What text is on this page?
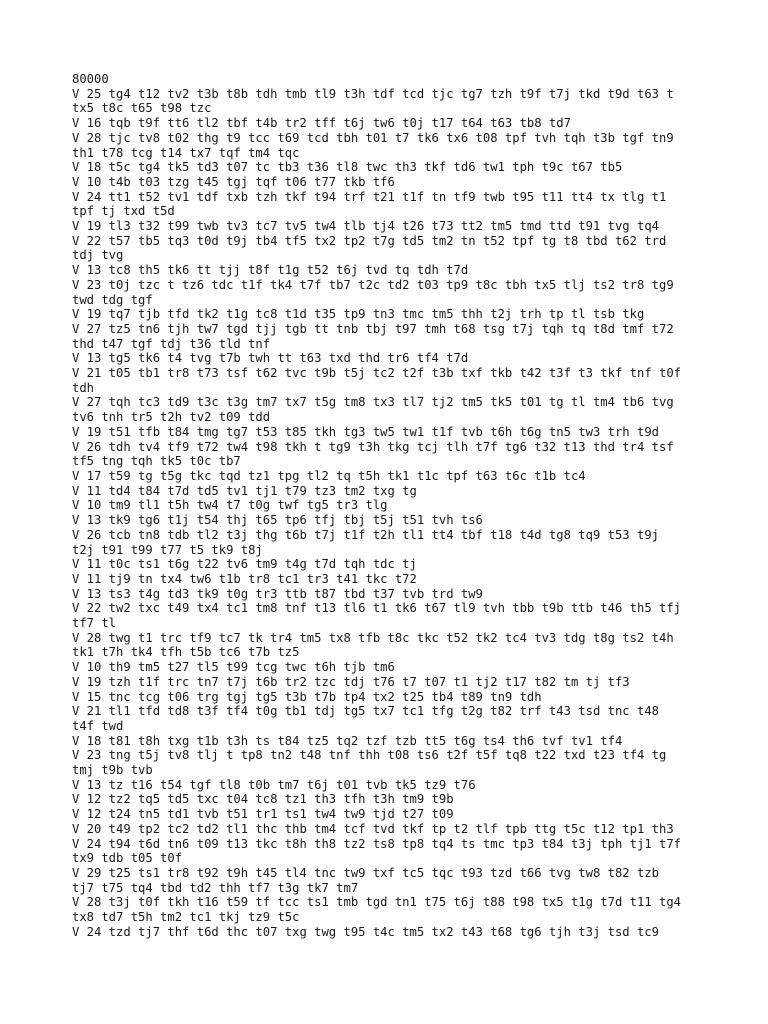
80000
V 25 tg4 t12 tv2 t3b t8b tdh tmb tl9 t3h tdf tcd tjc tg7 tzh t9f t7j tkd t9d t63 t
tx5 t8c t65 t98 tzc
V 16 tqb t9f tt6 tl2 tbf t4b tr2 tff t6j tw6 t0j t17 t64 t63 tb8 td7
V 28 tjc tv8 t02 thg t9 tcc t69 tcd tbh t01 t7 tk6 tx6 t08 tpf tvh tqh t3b tgf tn9
th1 t78 tcg t14 tx7 tqf tm4 tqc
V 18 t5c tg4 tk5 td3 t07 tc tb3 t36 tl8 twc th3 tkf td6 tw1 tph t9c t67 tb5
V 10 t4b t03 tzg t45 tgj tqf t06 t77 tkb tf6
V 24 tt1 t52 tv1 tdf txb tzh tkf t94 trf t21 t1f tn tf9 twb t95 t11 tt4 tx tlg t1
tpf tj txd t5d
V 19 tl3 t32 t99 twb tv3 tc7 tv5 tw4 tlb tj4 t26 t73 tt2 tm5 tmd ttd t91 tvg tq4
V 22 t57 tb5 tq3 t0d t9j tb4 tf5 tx2 tp2 t7g td5 tm2 tn t52 tpf tg t8 tbd t62 trd
tdj tvg
V 13 tc8 th5 tk6 tt tjj t8f t1g t52 t6j tvd tq tdh t7d
V 23 t0j tzc t tz6 tdc t1f tk4 t7f tb7 t2c td2 t03 tp9 t8c tbh tx5 tlj ts2 tr8 tg9
twd tdg tgf
V 19 tq7 tjb tfd tk2 t1g tc8 t1d t35 tp9 tn3 tmc tm5 thh t2j trh tp tl tsb tkg
V 27 tz5 tn6 tjh tw7 tgd tjj tgb tt tnb tbj t97 tmh t68 tsg t7j tqh tq t8d tmf t72
thd t47 tgf tdj t36 tld tnf
V 13 tg5 tk6 t4 tvg t7b twh tt t63 txd thd tr6 tf4 t7d
V 21 t05 tb1 tr8 t73 tsf t62 tvc t9b t5j tc2 t2f t3b txf tkb t42 t3f t3 tkf tnf t0f
tdh
V 27 tqh tc3 td9 t3c t3g tm7 tx7 t5g tm8 tx3 tl7 tj2 tm5 tk5 t01 tg tl tm4 tb6 tvg
tv6 tnh tr5 t2h tv2 t09 tdd
V 19 t51 tfb t84 tmg tg7 t53 t85 tkh tg3 tw5 tw1 t1f tvb t6h t6g tn5 tw3 trh t9d
V 26 tdh tv4 tf9 t72 tw4 t98 tkh t tg9 t3h tkg tcj tlh t7f tg6 t32 t13 thd tr4 tsf
tf5 tng tqh tk5 t0c tb7
V 17 t59 tg t5g tkc tqd tz1 tpg tl2 tq t5h tk1 t1c tpf t63 t6c t1b tc4
V 11 td4 t84 t7d td5 tv1 tj1 t79 tz3 tm2 txg tg
V 10 tm9 tl1 t5h tw4 t7 t0g twf tg5 tr3 tlg
V 13 tk9 tg6 t1j t54 thj t65 tp6 tfj tbj t5j t51 tvh ts6
V 26 tcb tn8 tdb tl2 t3j thg t6b t7j t1f t2h tl1 tt4 tbf t18 t4d tg8 tq9 t53 t9j
t2j t91 t99 t77 t5 tk9 t8j
V 11 t0c ts1 t6g t22 tv6 tm9 t4g t7d tqh tdc tj
V 11 tj9 tn tx4 tw6 t1b tr8 tc1 tr3 t41 tkc t72
V 13 ts3 t4g td3 tk9 t0g tr3 ttb t87 tbd t37 tvb trd tw9
V 22 tw2 txc t49 tx4 tc1 tm8 tnf t13 tl6 t1 tk6 t67 tl9 tvh tbb t9b ttb t46 th5 tfj
tf7 tl
V 28 twg t1 trc tf9 tc7 tk tr4 tm5 tx8 tfb t8c tkc t52 tk2 tc4 tv3 tdg t8g ts2 t4h
tk1 t7h tk4 tfh t5b tc6 t7b tz5
V 10 th9 tm5 t27 tl5 t99 tcg twc t6h tjb tm6
V 19 tzh t1f trc tn7 t7j t6b tr2 tzc tdj t76 t7 t07 t1 tj2 t17 t82 tm tj tf3
V 15 tnc tcg t06 trg tgj tg5 t3b t7b tp4 tx2 t25 tb4 t89 tn9 tdh
V 21 tl1 tfd td8 t3f tf4 t0g tb1 tdj tg5 tx7 tc1 tfg t2g t82 trf t43 tsd tnc t48
t4f twd
V 18 t81 t8h txg t1b t3h ts t84 tz5 tq2 tzf tzb tt5 t6g ts4 th6 tvf tv1 tf4
V 23 tng t5j tv8 tlj t tp8 tn2 t48 tnf thh t08 ts6 t2f t5f tq8 t22 txd t23 tf4 tg
tmj t9b tvb
V 13 tz t16 t54 tgf tl8 t0b tm7 t6j t01 tvb tk5 tz9 t76
V 12 tz2 tq5 td5 txc t04 tc8 tz1 th3 tfh t3h tm9 t9b
V 12 t24 tn5 td1 tvb t51 tr1 ts1 tw4 tw9 tjd t27 t09
V 20 t49 tp2 tc2 td2 tl1 thc thb tm4 tcf tvd tkf tp t2 tlf tpb ttg t5c t12 tp1 th3
V 24 t94 t6d tn6 t09 t13 tkc t8h th8 tz2 ts8 tp8 tq4 ts tmc tp3 t84 t3j tph tj1 t7f
tx9 tdb t05 t0f
V 29 t25 ts1 tr8 t92 t9h t45 tl4 tnc tw9 txf tc5 tqc t93 tzd t66 tvg tw8 t82 tzb
tj7 t75 tq4 tbd td2 thh tf7 t3g tk7 tm7
V 28 t3j t0f tkh t16 t59 tf tcc ts1 tmb tgd tn1 t75 t6j t88 t98 tx5 t1g t7d t11 tg4
tx8 td7 t5h tm2 tc1 tkj tz9 t5c
V 24 tzd tj7 thf t6d thc t07 txg twg t95 t4c tm5 tx2 t43 t68 tg6 tjh t3j tsd tc9
